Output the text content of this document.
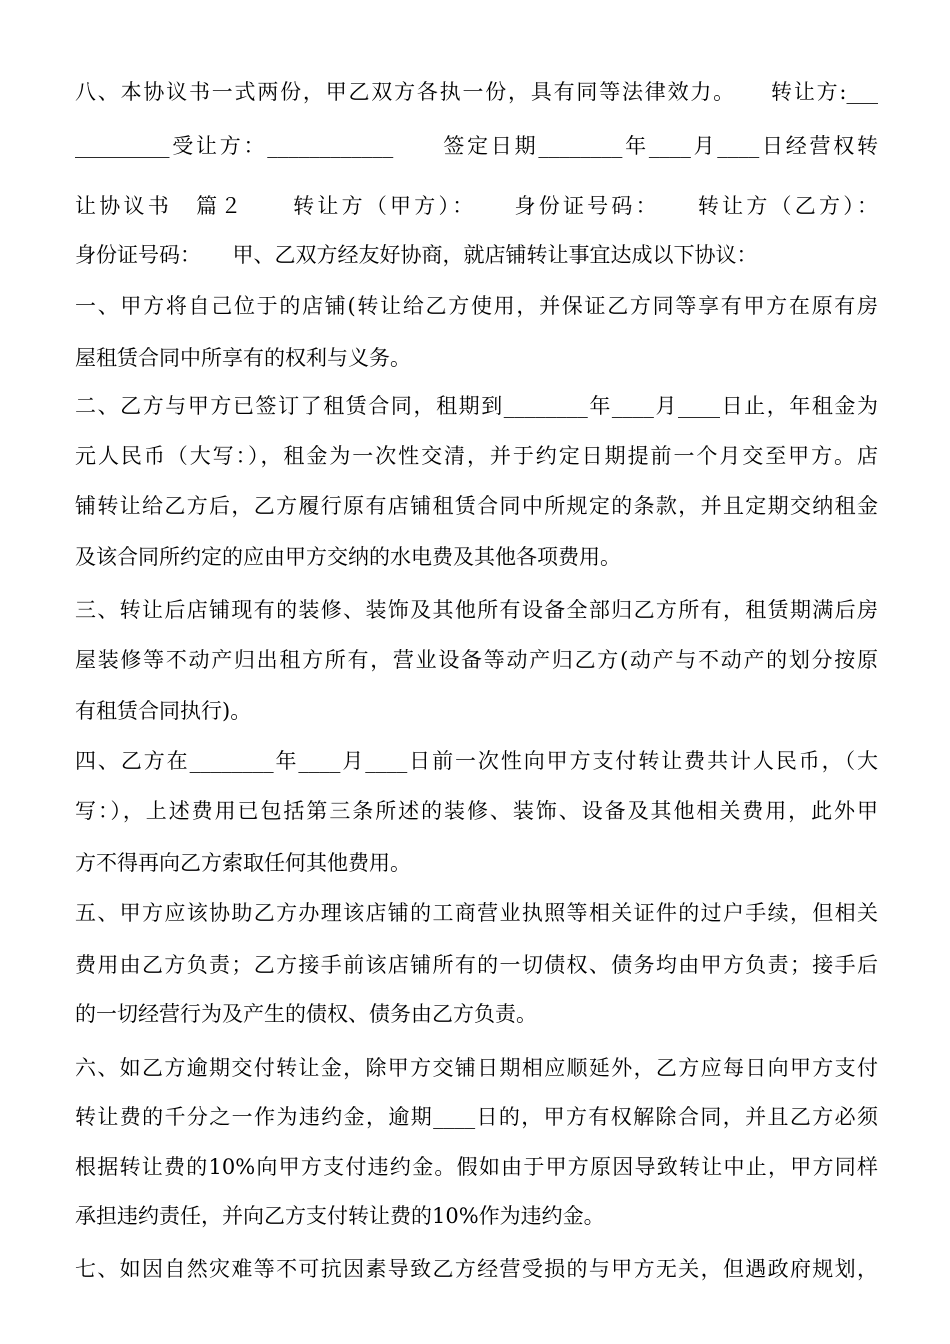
八、本协议书一式两份，甲乙双方各执一份，具有同等法律效力。　　转让方:___
_________受让方：____________　　签定日期________年____月____日经营权转
让协议书　篇２　　转让方（甲方）：　　身份证号码：　　转让方（乙方）：
身份证号码：　　甲、乙双方经友好协商，就店铺转让事宜达成以下协议：
一、甲方将自己位于的店铺(转让给乙方使用，并保证乙方同等享有甲方在原有房
屋租赁合同中所享有的权利与义务。
二、乙方与甲方已签订了租赁合同，租期到________年____月____日止，年租金为
元人民币（大写：），租金为一次性交清，并于约定日期提前一个月交至甲方。店
铺转让给乙方后，乙方履行原有店铺租赁合同中所规定的条款，并且定期交纳租金
及该合同所约定的应由甲方交纳的水电费及其他各项费用。
三、转让后店铺现有的装修、装饰及其他所有设备全部归乙方所有，租赁期满后房
屋装修等不动产归出租方所有，营业设备等动产归乙方(动产与不动产的划分按原
有租赁合同执行)。
四、乙方在________年____月____日前一次性向甲方支付转让费共计人民币，（大
写：），上述费用已包括第三条所述的装修、装饰、设备及其他相关费用，此外甲
方不得再向乙方索取任何其他费用。
五、甲方应该协助乙方办理该店铺的工商营业执照等相关证件的过户手续，但相关
费用由乙方负责；乙方接手前该店铺所有的一切债权、债务均由甲方负责；接手后
的一切经营行为及产生的债权、债务由乙方负责。
六、如乙方逾期交付转让金，除甲方交铺日期相应顺延外，乙方应每日向甲方支付
转让费的千分之一作为违约金，逾期____日的，甲方有权解除合同，并且乙方必须
根据转让费的10%向甲方支付违约金。假如由于甲方原因导致转让中止，甲方同样
承担违约责任，并向乙方支付转让费的10%作为违约金。
七、如因自然灾难等不可抗因素导致乙方经营受损的与甲方无关，但遇政府规划，
